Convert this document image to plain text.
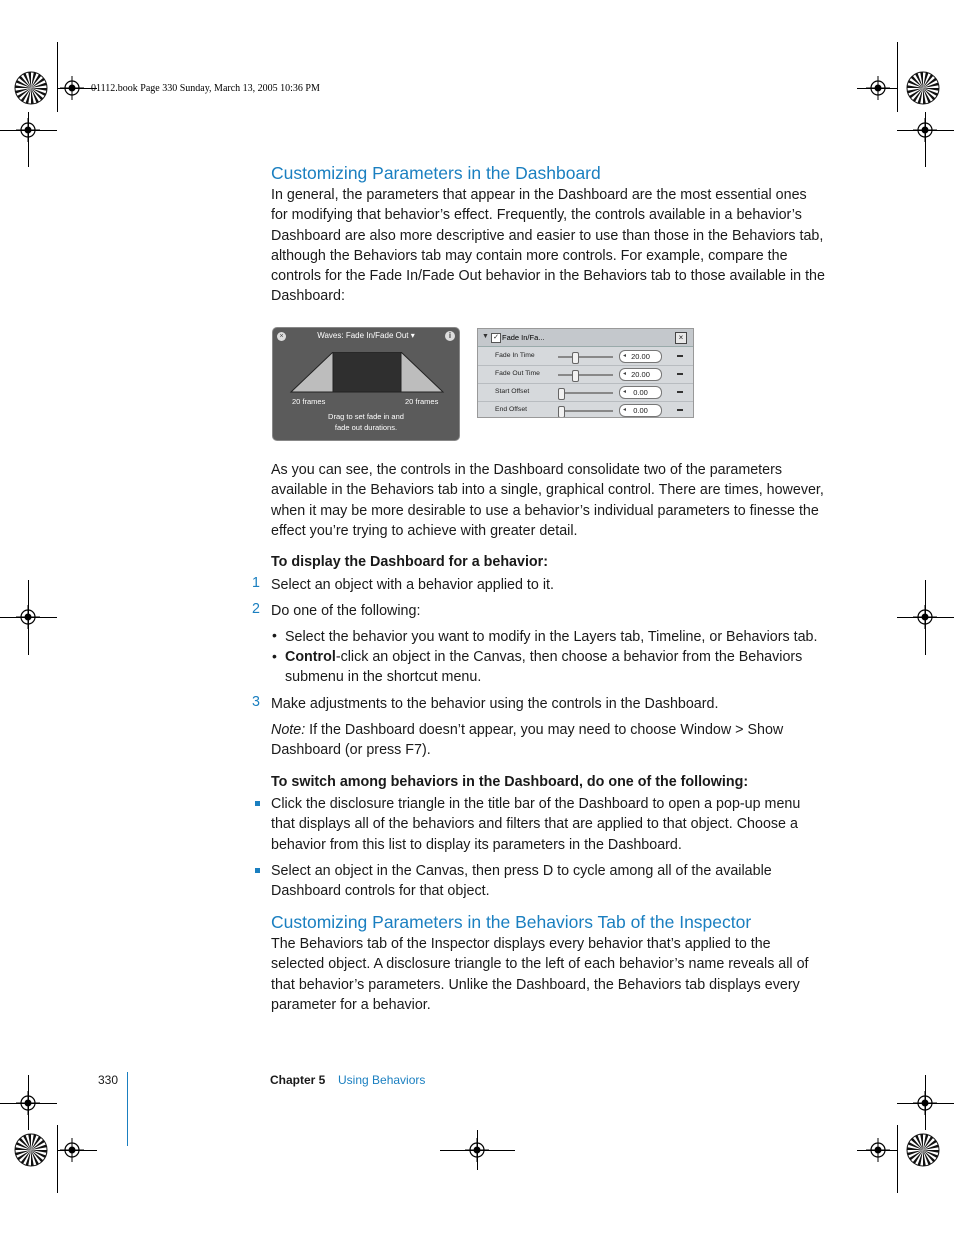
01112.book Page 330 Sunday, March 13, 2005 10:36 PM
Customizing Parameters in the Dashboard
In general, the parameters that appear in the Dashboard are the most essential ones
for modifying that behavior’s effect. Frequently, the controls available in a behavior’s
Dashboard are also more descriptive and easier to use than those in the Behaviors tab,
although the Behaviors tab may contain more controls. For example, compare the
controls for the Fade In/Fade Out behavior in the Behaviors tab to those available in the
Dashboard:
×	Waves: Fade In/Fade Out ▾	i
20 frames	20 frames
Drag to set fade in and
fade out durations.
▼ ✓ Fade In/Fa...	×
Fade In Time	20.00
◂
Fade Out Time	20.00
◂
Start Offset	0.00
◂
End Offset	0.00
◂
As you can see, the controls in the Dashboard consolidate two of the parameters
available in the Behaviors tab into a single, graphical control. There are times, however,
when it may be more desirable to use a behavior’s individual parameters to finesse the
effect you’re trying to achieve with greater detail.
To display the Dashboard for a behavior:
1 Select an object with a behavior applied to it.
2 Do one of the following:
• Select the behavior you want to modify in the Layers tab, Timeline, or Behaviors tab.
• Control-click an object in the Canvas, then choose a behavior from the Behaviors
submenu in the shortcut menu.
3 Make adjustments to the behavior using the controls in the Dashboard.
Note: If the Dashboard doesn’t appear, you may need to choose Window > Show
Dashboard (or press F7).
To switch among behaviors in the Dashboard, do one of the following:
Click the disclosure triangle in the title bar of the Dashboard to open a pop-up menu
that displays all of the behaviors and filters that are applied to that object. Choose a
behavior from this list to display its parameters in the Dashboard.
Select an object in the Canvas, then press D to cycle among all of the available
Dashboard controls for that object.
Customizing Parameters in the Behaviors Tab of the Inspector
The Behaviors tab of the Inspector displays every behavior that’s applied to the
selected object. A disclosure triangle to the left of each behavior’s name reveals all of
that behavior’s parameters. Unlike the Dashboard, the Behaviors tab displays every
parameter for a behavior.
330	Chapter 5 Using Behaviors
